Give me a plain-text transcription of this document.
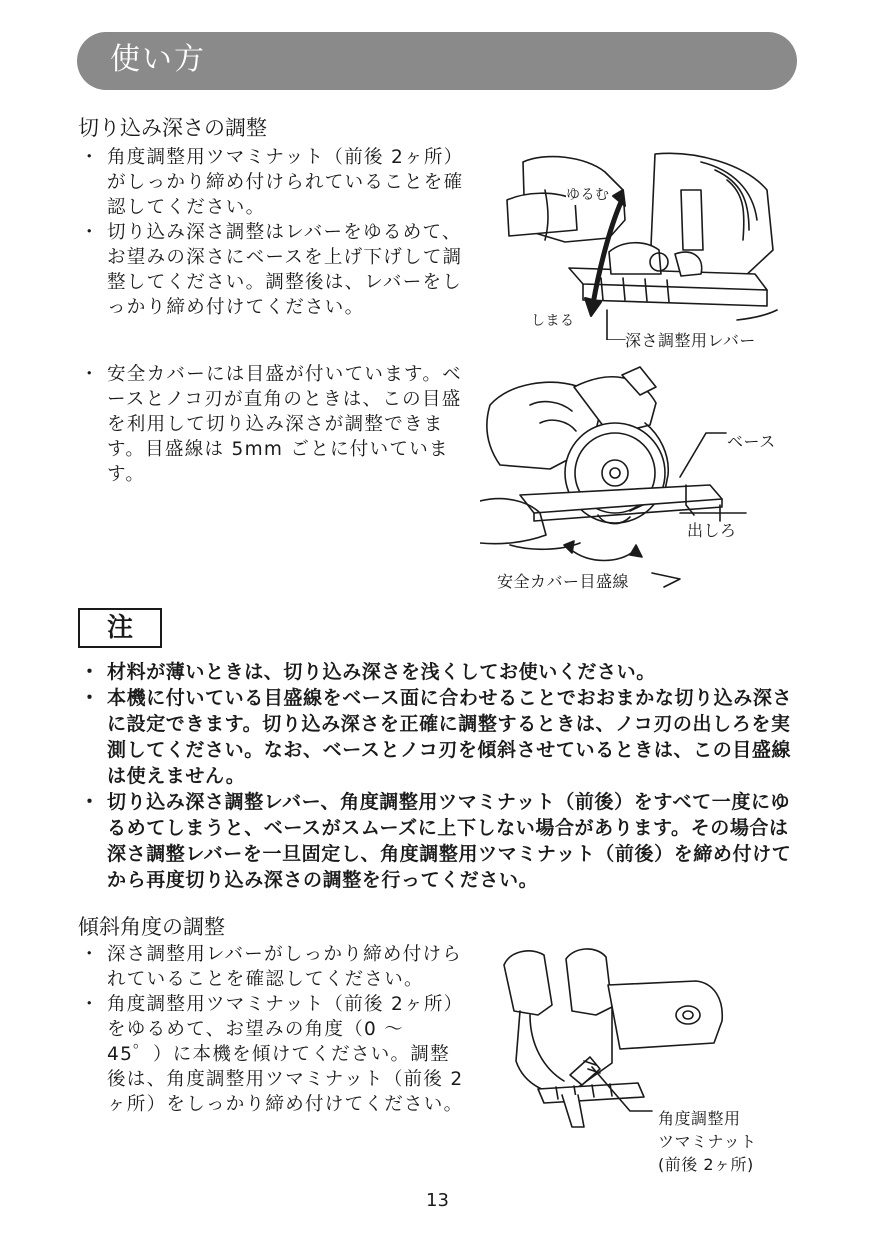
使い方
切り込み深さの調整
・ 角度調整用ツマミナット（前後 2ヶ所）がしっかり締め付けられていることを確認してください。
・ 切り込み深さ調整はレバーをゆるめて、お望みの深さにベースを上げ下げして調整してください。調整後は、レバーをしっかり締め付けてください。
・ 安全カバーには目盛が付いています。ベースとノコ刃が直角のときは、この目盛を利用して切り込み深さが調整できます。目盛線は 5mm ごとに付いています。
ゆるむ
しまる
深さ調整用レバー
ベース
出しろ
安全カバー目盛線
注
・ 材料が薄いときは、切り込み深さを浅くしてお使いください。
・ 本機に付いている目盛線をベース面に合わせることでおおまかな切り込み深さに設定できます。切り込み深さを正確に調整するときは、ノコ刃の出しろを実測してください。なお、ベースとノコ刃を傾斜させているときは、この目盛線は使えません。
・ 切り込み深さ調整レバー、角度調整用ツマミナット（前後）をすべて一度にゆるめてしまうと、ベースがスムーズに上下しない場合があります。その場合は深さ調整レバーを一旦固定し、角度調整用ツマミナット（前後）を締め付けてから再度切り込み深さの調整を行ってください。
傾斜角度の調整
・ 深さ調整用レバーがしっかり締め付けられていることを確認してください。
・ 角度調整用ツマミナット（前後 2ヶ所）をゆるめて、お望みの角度（0 ～ 45゜）に本機を傾けてください。調整後は、角度調整用ツマミナット（前後 2ヶ所）をしっかり締め付けてください。
角度調整用
ツマミナット
(前後 2ヶ所)
13
